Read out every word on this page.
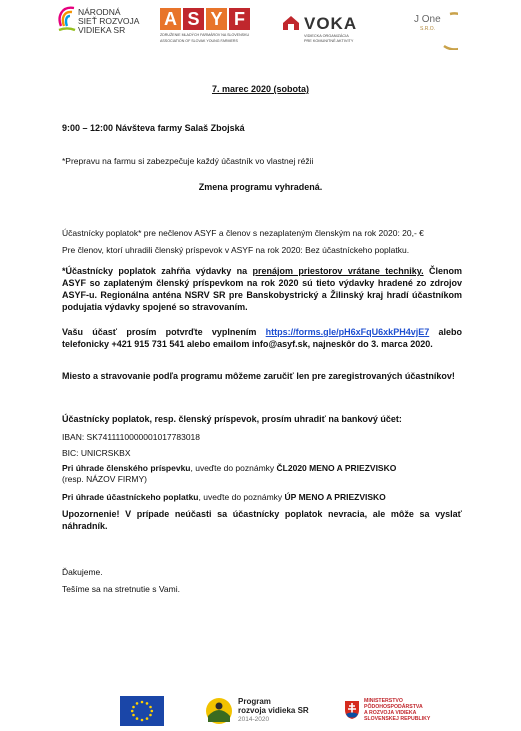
NÁRODNÁ
SIEŤ ROZVOJA
VIDIEKA SR
A S Y F
ZDRUŽENIE MLADÝCH FARMÁROV NA SLOVENSKU
ASSOCIATION OF SLOVAK YOUNG FARMERS
VOKA
VIDIECKA ORGANIZÁCIA
PRE KOMUNITNÉ AKTIVITY
J One
S.R.O.
7. marec 2020 (sobota)
9:00 – 12:00 Návšteva farmy Salaš Zbojská
*Prepravu na farmu si zabezpečuje každý účastník vo vlastnej réžii
Zmena programu vyhradená.
Účastnícky poplatok* pre nečlenov ASYF a členov s nezaplateným členským na rok 2020: 20,- €
Pre členov, ktorí uhradili členský príspevok v ASYF na rok 2020: Bez účastníckeho poplatku.
*Účastnícky poplatok zahŕňa výdavky na prenájom priestorov vrátane techniky. Členom ASYF so zaplateným členský príspevkom na rok 2020 sú tieto výdavky hradené zo zdrojov ASYF-u. Regionálna anténa NSRV SR pre Banskobystrický a Žilinský kraj hradí účastníkom podujatia výdavky spojené so stravovaním.
Vašu účasť prosím potvrďte vyplnením https://forms.gle/pH6xFqU6xkPH4vjE7 alebo telefonicky +421 915 731 541 alebo emailom info@asyf.sk, najneskôr do 3. marca 2020.
Miesto a stravovanie podľa programu môžeme zaručiť len pre zaregistrovaných účastníkov!
Účastnícky poplatok, resp. členský príspevok, prosím uhradiť na bankový účet:
IBAN: SK7411110000001017783018
BIC: UNICRSKBX
Pri úhrade členského príspevku, uveďte do poznámky ČL2020 MENO A PRIEZVISKO
(resp. NÁZOV FIRMY)
Pri úhrade účastníckeho poplatku, uveďte do poznámky ÚP MENO A PRIEZVISKO
Upozornenie! V prípade neúčasti sa účastnícky poplatok nevracia, ale môže sa vyslať náhradník.
Ďakujeme.
Tešíme sa na stretnutie s Vami.
Program
rozvoja vidieka SR
2014-2020
MINISTERSTVO
PÔDOHOSPODÁRSTVA
A ROZVOJA VIDIEKA
SLOVENSKEJ REPUBLIKY
